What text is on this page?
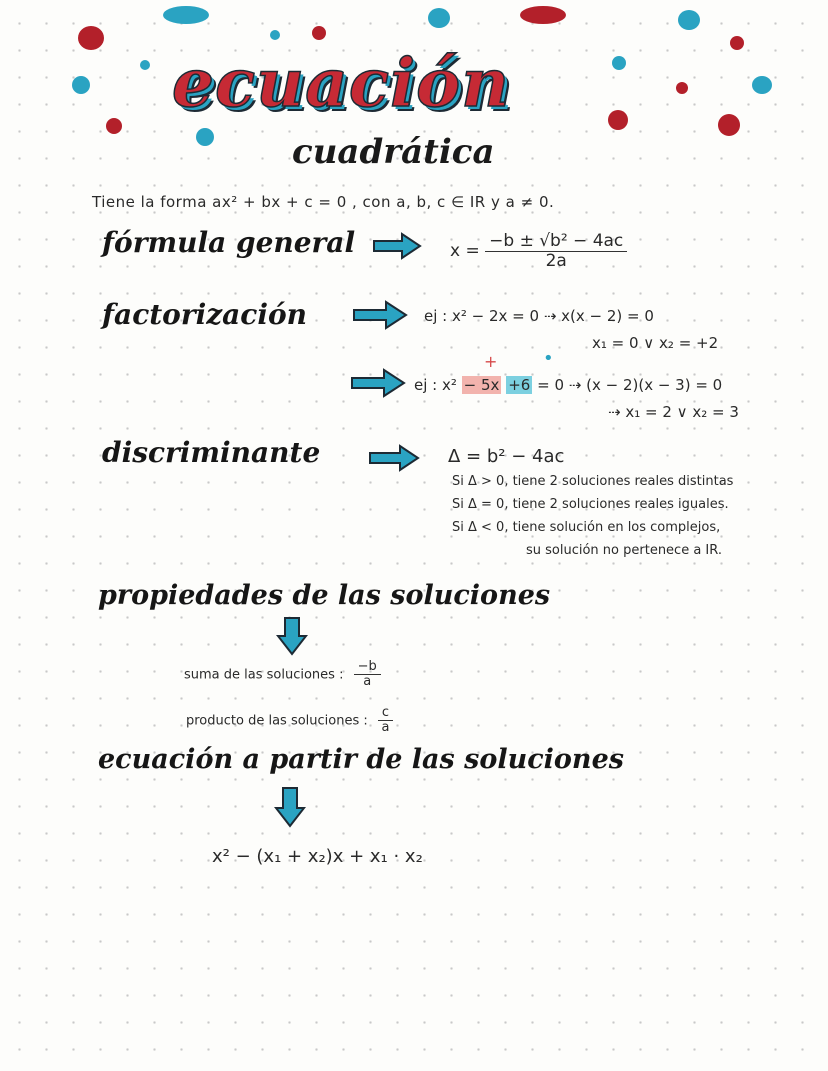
ecuación
cuadrática
Tiene la forma ax² + bx + c = 0 , con a, b, c ∈ IR y a ≠ 0.
fórmula general	$x = \frac{\text{−b ± √b² − 4ac}}{2a}$
factorización	ej : x² − 2x = 0 ⇢ x(x − 2) = 0
x₁ = 0 ∨ x₂ = +2
+	•
ej : x² − 5x +6 = 0 ⇢ (x − 2)(x − 3) = 0
⇢ x₁ = 2 ∨ x₂ = 3
discriminante	Δ = b² − 4ac
Si Δ > 0, tiene 2 soluciones reales distintas
Si Δ = 0, tiene 2 soluciones reales iguales.
Si Δ < 0, tiene solución en los complejos,
su solución no pertenece a IR.
propiedades de las soluciones
suma de las soluciones : $\frac{-b}{a}$
producto de las soluciones : $\frac{c}{a}$
ecuación a partir de las soluciones
x² − (x₁ + x₂)x + x₁ · x₂
